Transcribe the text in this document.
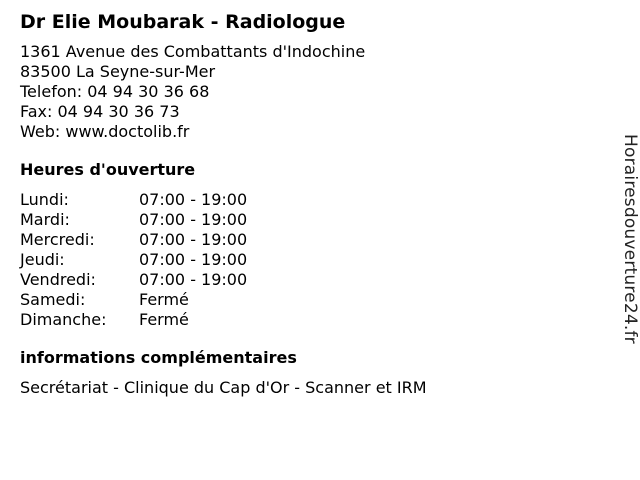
Dr Elie Moubarak - Radiologue
1361 Avenue des Combattants d'Indochine
83500 La Seyne-sur-Mer
Telefon: 04 94 30 36 68
Fax: 04 94 30 36 73
Web: www.doctolib.fr
Heures d'ouverture
Lundi:	07:00 - 19:00
Mardi:	07:00 - 19:00
Mercredi:	07:00 - 19:00
Jeudi:	07:00 - 19:00
Vendredi:	07:00 - 19:00
Samedi:	Fermé
Dimanche:	Fermé
informations complémentaires
Secrétariat - Clinique du Cap d'Or - Scanner et IRM
Horairesdouverture24.fr
